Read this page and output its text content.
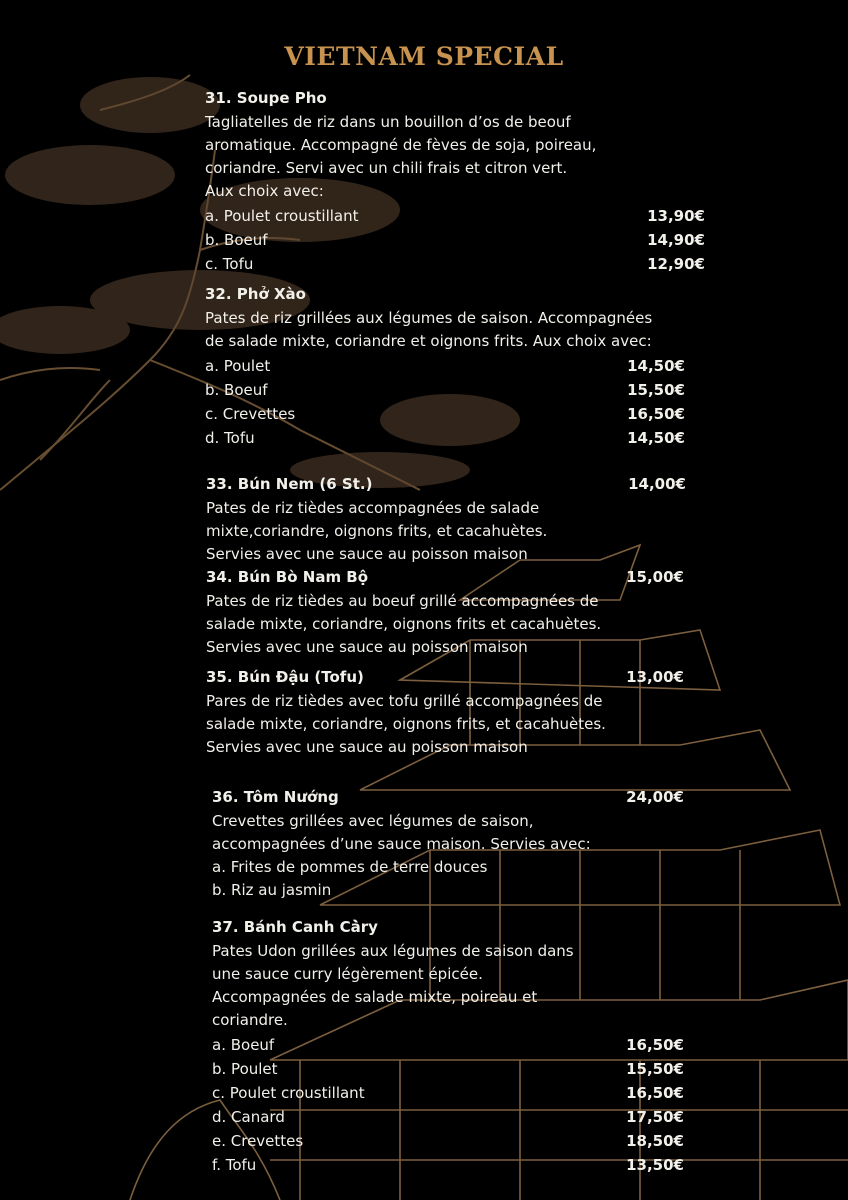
VIETNAM SPECIAL
31. Soupe Pho
Tagliatelles de riz dans un bouillon d’os de beouf
aromatique. Accompagné de fèves de soja, poireau,
coriandre. Servi avec un chili frais et citron vert.
Aux choix avec:
a. Poulet croustillant	13,90€
b. Boeuf	14,90€
c. Tofu	12,90€
32. Phở Xào
Pates de riz grillées aux légumes de saison. Accompagnées
de salade mixte, coriandre et oignons frits. Aux choix avec:
a. Poulet	14,50€
b. Boeuf	15,50€
c. Crevettes	16,50€
d. Tofu	14,50€
33. Bún Nem (6 St.)	14,00€
Pates de riz tièdes accompagnées de salade
mixte,coriandre, oignons frits, et cacahuètes.
Servies avec une sauce au poisson maison
34. Bún Bò Nam Bộ	15,00€
Pates de riz tièdes au boeuf grillé accompagnées de
salade mixte, coriandre, oignons frits et cacahuètes.
Servies avec une sauce au poisson maison
35. Bún Đậu (Tofu)	13,00€
Pares de riz tièdes avec tofu grillé accompagnées de
salade mixte, coriandre, oignons frits, et cacahuètes.
Servies avec une sauce au poisson maison
36. Tôm Nướng	24,00€
Crevettes grillées avec légumes de saison,
accompagnées d’une sauce maison. Servies avec:
a. Frites de pommes de terre douces
b. Riz au jasmin
37. Bánh Canh Cà̀ry
Pates Udon grillées aux légumes de saison dans
une sauce curry légèrement épicée.
Accompagnées de salade mixte, poireau et
coriandre.
a. Boeuf	16,50€
b. Poulet	15,50€
c. Poulet croustillant	16,50€
d. Canard	17,50€
e. Crevettes	18,50€
f. Tofu	13,50€
